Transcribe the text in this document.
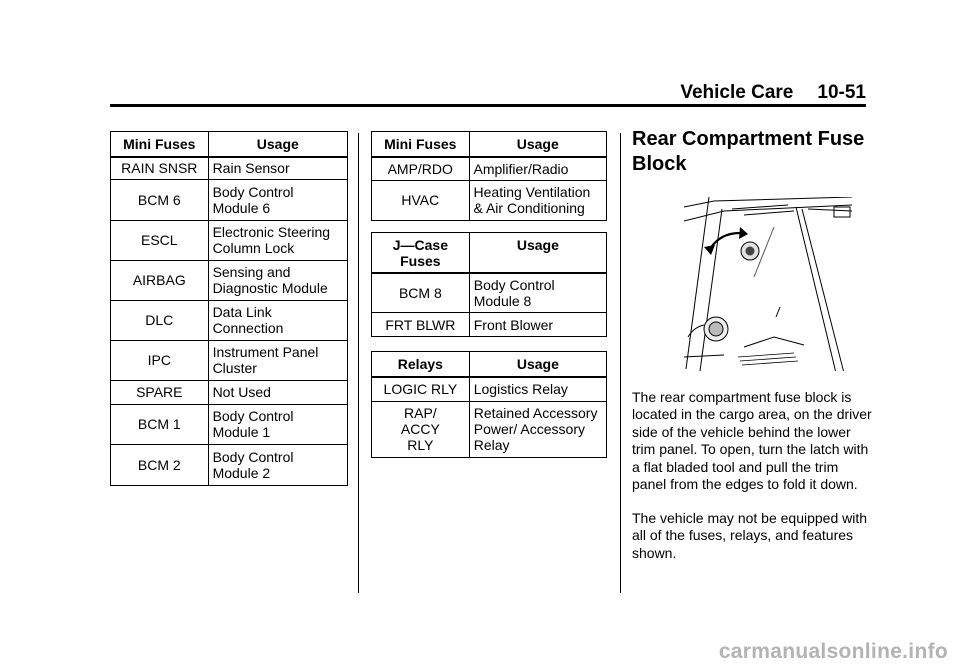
Vehicle Care 10-51
Mini Fuses	Usage
RAIN SNSR	Rain Sensor
BCM 6	Body Control Module 6
ESCL	Electronic Steering Column Lock
AIRBAG	Sensing and Diagnostic Module
DLC	Data Link Connection
IPC	Instrument Panel Cluster
SPARE	Not Used
BCM 1	Body Control Module 1
BCM 2	Body Control Module 2
Mini Fuses	Usage
AMP/RDO	Amplifier/Radio
HVAC	Heating Ventilation & Air Conditioning
J—Case Fuses	Usage
BCM 8	Body Control Module 8
FRT BLWR	Front Blower
Relays	Usage
LOGIC RLY	Logistics Relay
RAP/ ACCY RLY	Retained Accessory Power/ Accessory Relay
Rear Compartment Fuse Block

The rear compartment fuse block is located in the cargo area, on the driver side of the vehicle behind the lower trim panel. To open, turn the latch with a flat bladed tool and pull the trim panel from the edges to fold it down.

The vehicle may not be equipped with all of the fuses, relays, and features shown.

carmanualsonline.info
